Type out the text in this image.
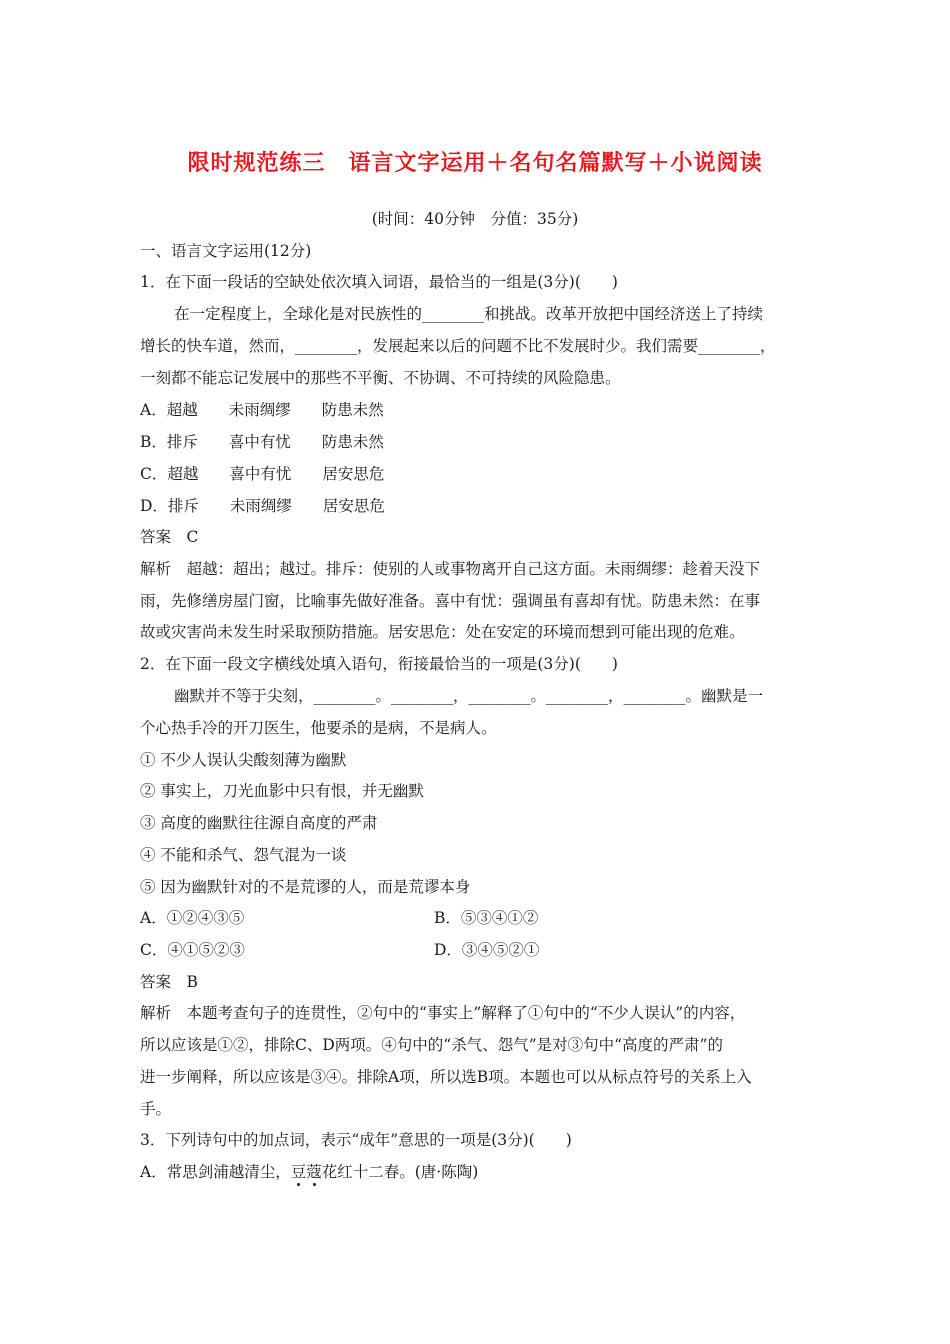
限时规范练三　语言文字运用＋名句名篇默写＋小说阅读
(时间：40分钟　分值：35分)
一、语言文字运用(12分)
1．在下面一段话的空缺处依次填入词语，最恰当的一组是(3分)(　　)
在一定程度上，全球化是对民族性的________和挑战。改革开放把中国经济送上了持续
增长的快车道，然而，________，发展起来以后的问题不比不发展时少。我们需要________，
一刻都不能忘记发展中的那些不平衡、不协调、不可持续的风险隐患。
A．超越　　未雨绸缪　　防患未然
B．排斥　　喜中有忧　　防患未然
C．超越　　喜中有忧　　居安思危
D．排斥　　未雨绸缪　　居安思危
答案　C
解析　超越：超出；越过。排斥：使别的人或事物离开自己这方面。未雨绸缪：趁着天没下
雨，先修缮房屋门窗，比喻事先做好准备。喜中有忧：强调虽有喜却有忧。防患未然：在事
故或灾害尚未发生时采取预防措施。居安思危：处在安定的环境而想到可能出现的危难。
2．在下面一段文字横线处填入语句，衔接最恰当的一项是(3分)(　　)
幽默并不等于尖刻，________。________，________。________，________。幽默是一
个心热手冷的开刀医生，他要杀的是病，不是病人。
① 不少人误认尖酸刻薄为幽默
② 事实上，刀光血影中只有恨，并无幽默
③ 高度的幽默往往源自高度的严肃
④ 不能和杀气、怨气混为一谈
⑤ 因为幽默针对的不是荒谬的人，而是荒谬本身
A．①②④③⑤	B．⑤③④①②
C．④①⑤②③	D．③④⑤②①
答案　B
解析　本题考查句子的连贯性，②句中的“事实上”解释了①句中的“不少人误认”的内容，
所以应该是①②，排除C、D两项。④句中的“杀气、怨气”是对③句中“高度的严肃”的
进一步阐释，所以应该是③④。排除A项，所以选B项。本题也可以从标点符号的关系上入
手。
3．下列诗句中的加点词，表示“成年”意思的一项是(3分)(　　)
A．常思剑浦越清尘，豆蔻
花红十二春。(唐·陈陶)
